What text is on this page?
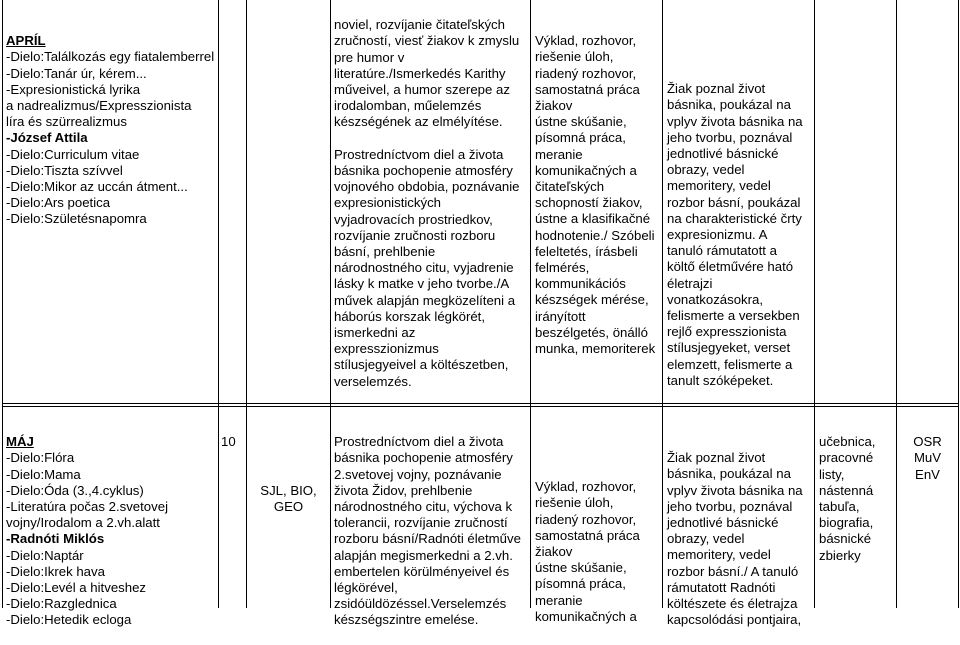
APRÍL
-Dielo:Találkozás egy fiatalemberrel
-Dielo:Tanár úr, kérem...
-Expresionistická lyrika
a nadrealizmus/Expresszionista
líra és szürrealizmus
-József Attila
-Dielo:Curriculum vitae
-Dielo:Tiszta szívvel
-Dielo:Mikor az uccán átment...
-Dielo:Ars poetica
-Dielo:Születésnapomra

noviel, rozvíjanie čitateľských
zručností, viesť žiakov k zmyslu
pre humor v
literatúre./Ismerkedés Karithy
műveivel, a humor szerepe az
irodalomban, műelemzés
készségének az elmélyítése.

Prostredníctvom diel a života
básnika pochopenie atmosféry
vojnového obdobia, poznávanie
expresionistických
vyjadrovacích prostriedkov,
rozvíjanie zručnosti rozboru
básní, prehlbenie
národnostného citu, vyjadrenie
lásky k matke v jeho tvorbe./A
művek alapján megközelíteni a
háborús korszak légkörét,
ismerkedni az
expresszionizmus
stílusjegyeivel a költészetben,
verselemzés.

Výklad, rozhovor,
riešenie úloh,
riadený rozhovor,
samostatná práca
žiakov
ústne skúšanie,
písomná práca,
meranie
komunikačných a
čitateľských
schopností žiakov,
ústne a klasifikačné
hodnotenie./ Szóbeli
feleltetés, írásbeli
felmérés,
kommunikációs
készségek mérése,
irányított
beszélgetés, önálló
munka, memoriterek

Žiak poznal život
básnika, poukázal na
vplyv života básnika na
jeho tvorbu, poznával
jednotlivé básnické
obrazy, vedel
memoritery, vedel
rozbor básní, poukázal
na charakteristické črty
expresionizmu. A
tanuló rámutatott a
költő életművére ható
életrajzi
vonatkozásokra,
felismerte a versekben
rejlő expresszionista
stílusjegyeket, verset
elemzett, felismerte a
tanult szóképeket.

MÁJ
-Dielo:Flóra
-Dielo:Mama
-Dielo:Óda (3.,4.cyklus)
-Literatúra počas 2.svetovej
vojny/Irodalom a 2.vh.alatt
-Radnóti Miklós
-Dielo:Naptár
-Dielo:Ikrek hava
-Dielo:Levél a hitveshez
-Dielo:Razglednica
-Dielo:Hetedik ecloga

10

SJL, BIO,
GEO

Prostredníctvom diel a života
básnika pochopenie atmosféry
2.svetovej vojny, poznávanie
života Židov, prehlbenie
národnostného citu, výchova k
tolerancii, rozvíjanie zručností
rozboru básní/Radnóti életműve
alapján megismerkedni a 2.vh.
embertelen körülményeivel és
légkörével,
zsidóüldözéssel.Verselemzés
készségszintre emelése.

Výklad, rozhovor,
riešenie úloh,
riadený rozhovor,
samostatná práca
žiakov
ústne skúšanie,
písomná práca,
meranie
komunikačných a

Žiak poznal život
básnika, poukázal na
vplyv života básnika na
jeho tvorbu, poznával
jednotlivé básnické
obrazy, vedel
memoritery, vedel
rozbor básní./ A tanuló
rámutatott Radnóti
költészete és életrajza
kapcsolódási pontjaira,

učebnica,
pracovné
listy,
nástenná
tabuľa,
biografia,
básnické
zbierky

OSR
MuV
EnV
